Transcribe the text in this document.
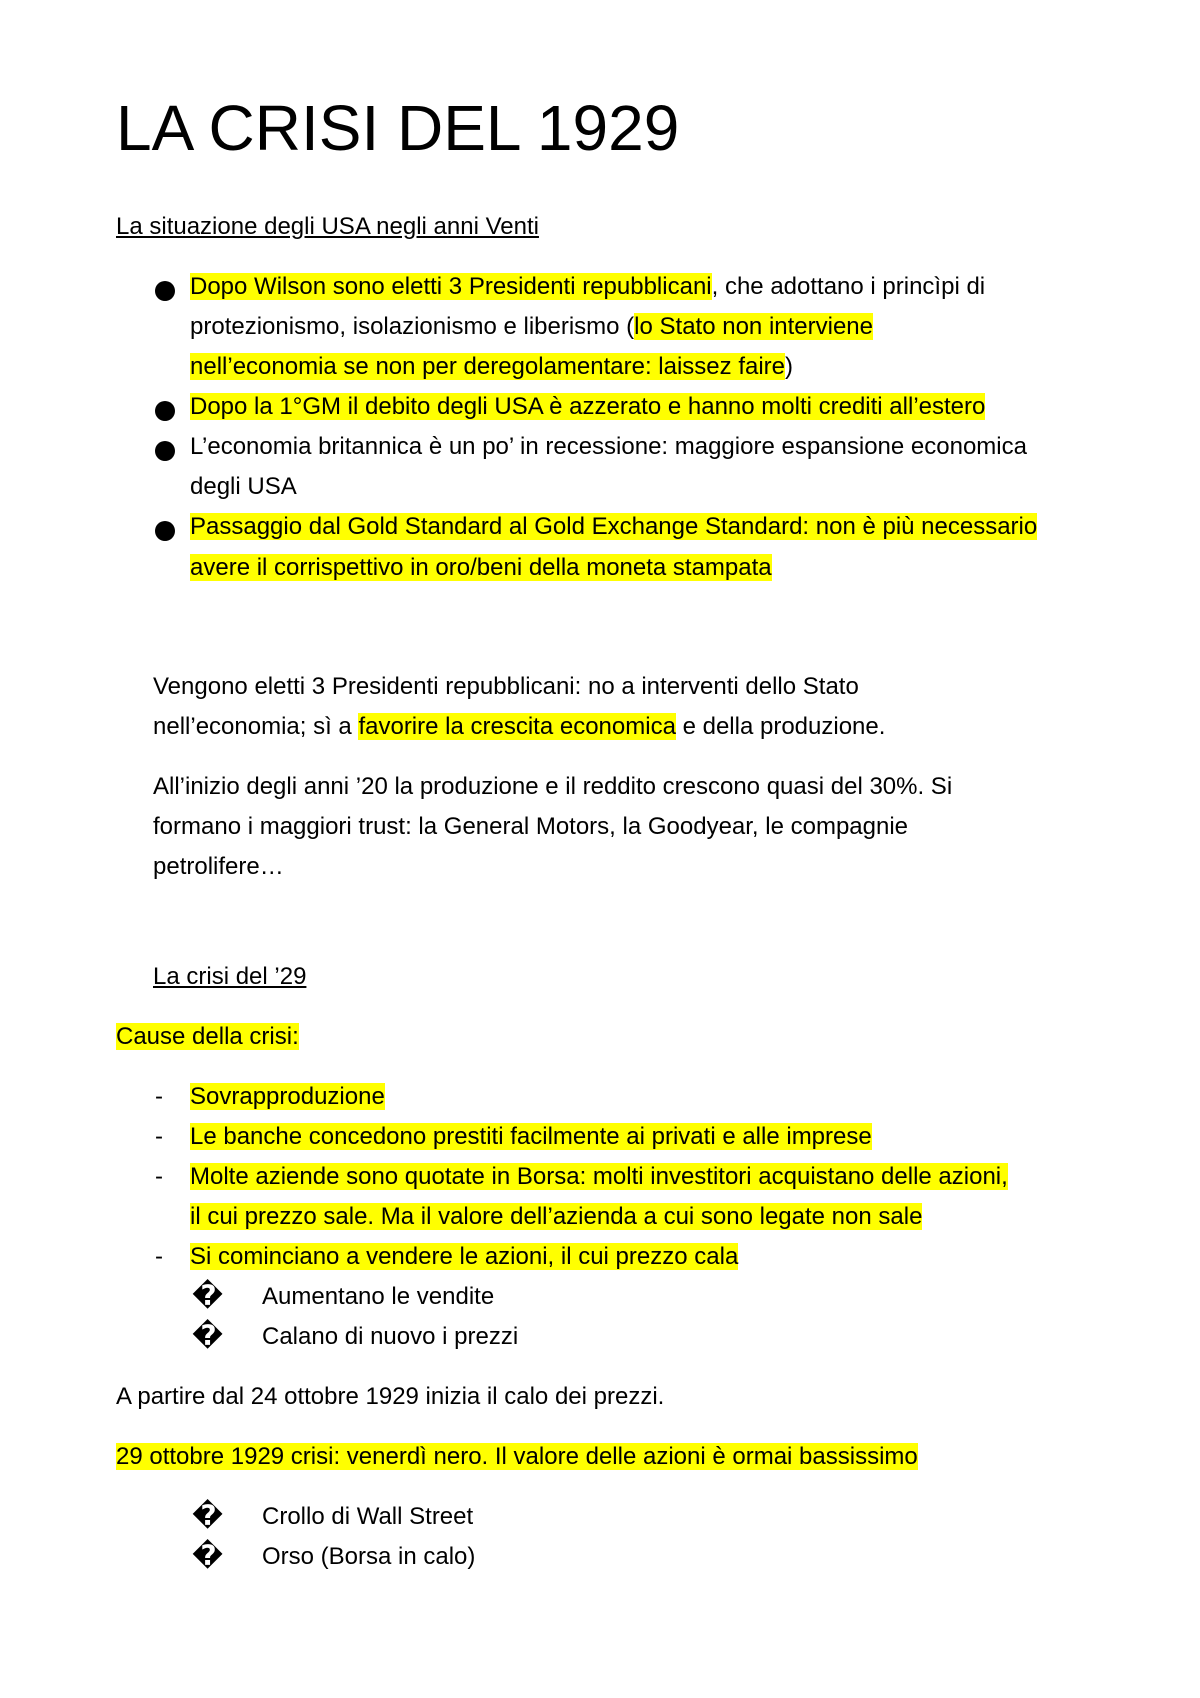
LA CRISI DEL 1929
La situazione degli USA negli anni Venti
Dopo Wilson sono eletti 3 Presidenti repubblicani, che adottano i princìpi di
protezionismo, isolazionismo e liberismo (lo Stato non interviene
nell’economia se non per deregolamentare: laissez faire)
Dopo la 1°GM il debito degli USA è azzerato e hanno molti crediti all’estero
L’economia britannica è un po’ in recessione: maggiore espansione economica
degli USA
Passaggio dal Gold Standard al Gold Exchange Standard: non è più necessario
avere il corrispettivo in oro/beni della moneta stampata
Vengono eletti 3 Presidenti repubblicani: no a interventi dello Stato
nell’economia; sì a favorire la crescita economica e della produzione.
All’inizio degli anni ’20 la produzione e il reddito crescono quasi del 30%. Si
formano i maggiori trust: la General Motors, la Goodyear, le compagnie
petrolifere…
La crisi del ’29
Cause della crisi:
- Sovrapproduzione
- Le banche concedono prestiti facilmente ai privati e alle imprese
- Molte aziende sono quotate in Borsa: molti investitori acquistano delle azioni,
il cui prezzo sale. Ma il valore dell’azienda a cui sono legate non sale
- Si cominciano a vendere le azioni, il cui prezzo cala
� Aumentano le vendite
� Calano di nuovo i prezzi
A partire dal 24 ottobre 1929 inizia il calo dei prezzi.
29 ottobre 1929 crisi: venerdì nero. Il valore delle azioni è ormai bassissimo
� Crollo di Wall Street
� Orso (Borsa in calo)
